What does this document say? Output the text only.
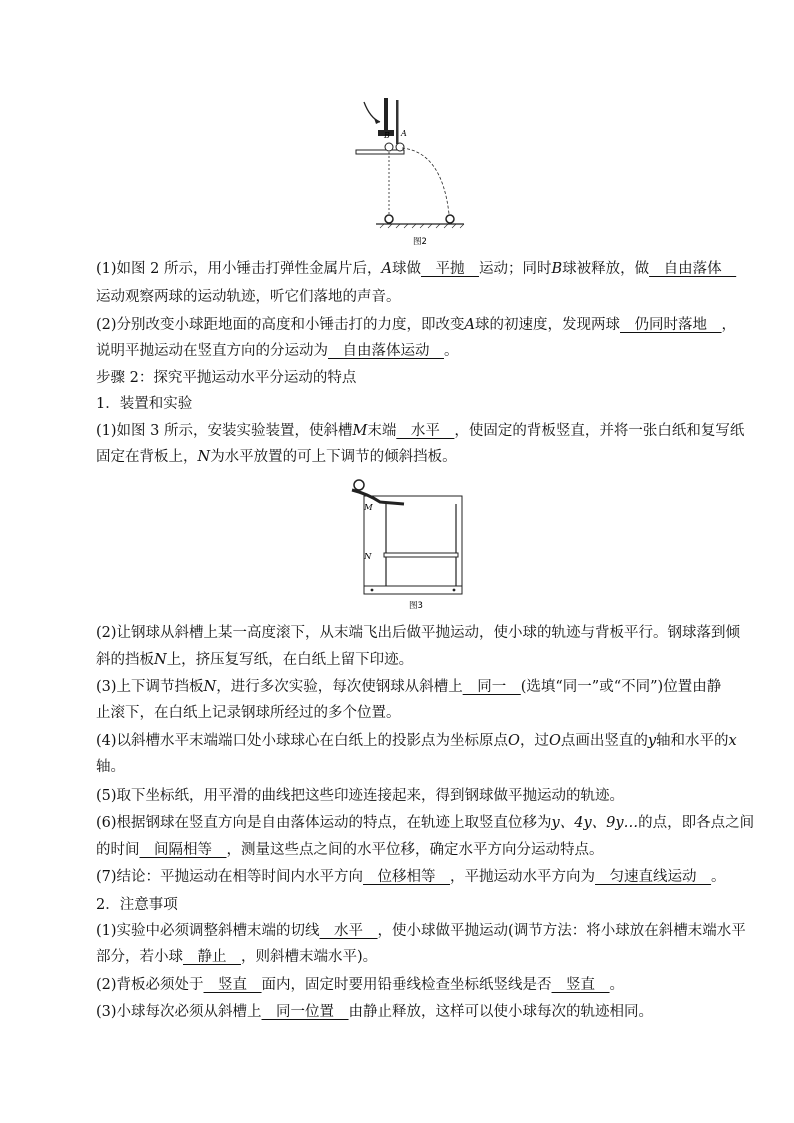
B A
图2
(1)如图 2 所示，用小锤击打弹性金属片后，A球做__平抛__运动；同时B球被释放，做__自由落体__
运动观察两球的运动轨迹，听它们落地的声音。
(2)分别改变小球距地面的高度和小锤击打的力度，即改变A球的初速度，发现两球__仍同时落地__，
说明平抛运动在竖直方向的分运动为__自由落体运动__。
步骤 2：探究平抛运动水平分运动的特点
1．装置和实验
(1)如图 3 所示，安装实验装置，使斜槽M末端__水平__，使固定的背板竖直，并将一张白纸和复写纸
固定在背板上，N为水平放置的可上下调节的倾斜挡板。
M
N
图3
(2)让钢球从斜槽上某一高度滚下，从末端飞出后做平抛运动，使小球的轨迹与背板平行。钢球落到倾
斜的挡板N上，挤压复写纸，在白纸上留下印迹。
(3)上下调节挡板N，进行多次实验，每次使钢球从斜槽上__同一__(选填“同一”或“不同”)位置由静
止滚下，在白纸上记录钢球所经过的多个位置。
(4)以斜槽水平末端端口处小球球心在白纸上的投影点为坐标原点O，过O点画出竖直的y轴和水平的x
轴。
(5)取下坐标纸，用平滑的曲线把这些印迹连接起来，得到钢球做平抛运动的轨迹。
(6)根据钢球在竖直方向是自由落体运动的特点，在轨迹上取竖直位移为y、4y、9y…的点，即各点之间
的时间__间隔相等__，测量这些点之间的水平位移，确定水平方向分运动特点。
(7)结论：平抛运动在相等时间内水平方向__位移相等__，平抛运动水平方向为__匀速直线运动__。
2．注意事项
(1)实验中必须调整斜槽末端的切线__水平__，使小球做平抛运动(调节方法：将小球放在斜槽末端水平
部分，若小球__静止__，则斜槽末端水平)。
(2)背板必须处于__竖直__面内，固定时要用铅垂线检查坐标纸竖线是否__竖直__。
(3)小球每次必须从斜槽上__同一位置__由静止释放，这样可以使小球每次的轨迹相同。
